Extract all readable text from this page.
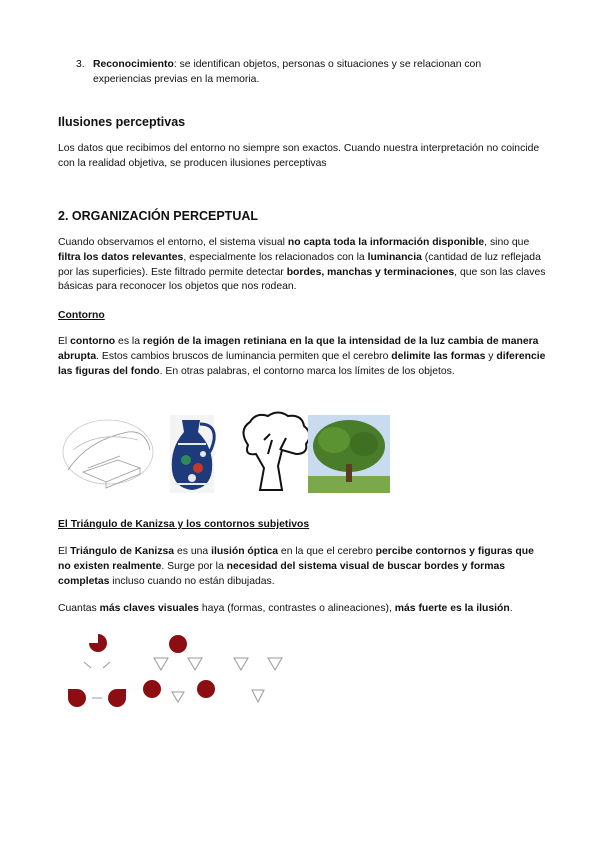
3. Reconocimiento: se identifican objetos, personas o situaciones y se relacionan con experiencias previas en la memoria.

Ilusiones perceptivas

Los datos que recibimos del entorno no siempre son exactos. Cuando nuestra interpretación no coincide con la realidad objetiva, se producen ilusiones perceptivas

2. ORGANIZACIÓN PERCEPTUAL

Cuando observamos el entorno, el sistema visual no capta toda la información disponible, sino que filtra los datos relevantes, especialmente los relacionados con la luminancia (cantidad de luz reflejada por las superficies). Este filtrado permite detectar bordes, manchas y terminaciones, que son las claves básicas para reconocer los objetos que nos rodean.

Contorno

El contorno es la región de la imagen retiniana en la que la intensidad de la luz cambia de manera abrupta. Estos cambios bruscos de luminancia permiten que el cerebro delimite las formas y diferencie las figuras del fondo. En otras palabras, el contorno marca los límites de los objetos.

El Triángulo de Kanizsa y los contornos subjetivos

El Triángulo de Kanizsa es una ilusión óptica en la que el cerebro percibe contornos y figuras que no existen realmente. Surge por la necesidad del sistema visual de buscar bordes y formas completas incluso cuando no están dibujadas.

Cuantas más claves visuales haya (formas, contrastes o alineaciones), más fuerte es la ilusión.
